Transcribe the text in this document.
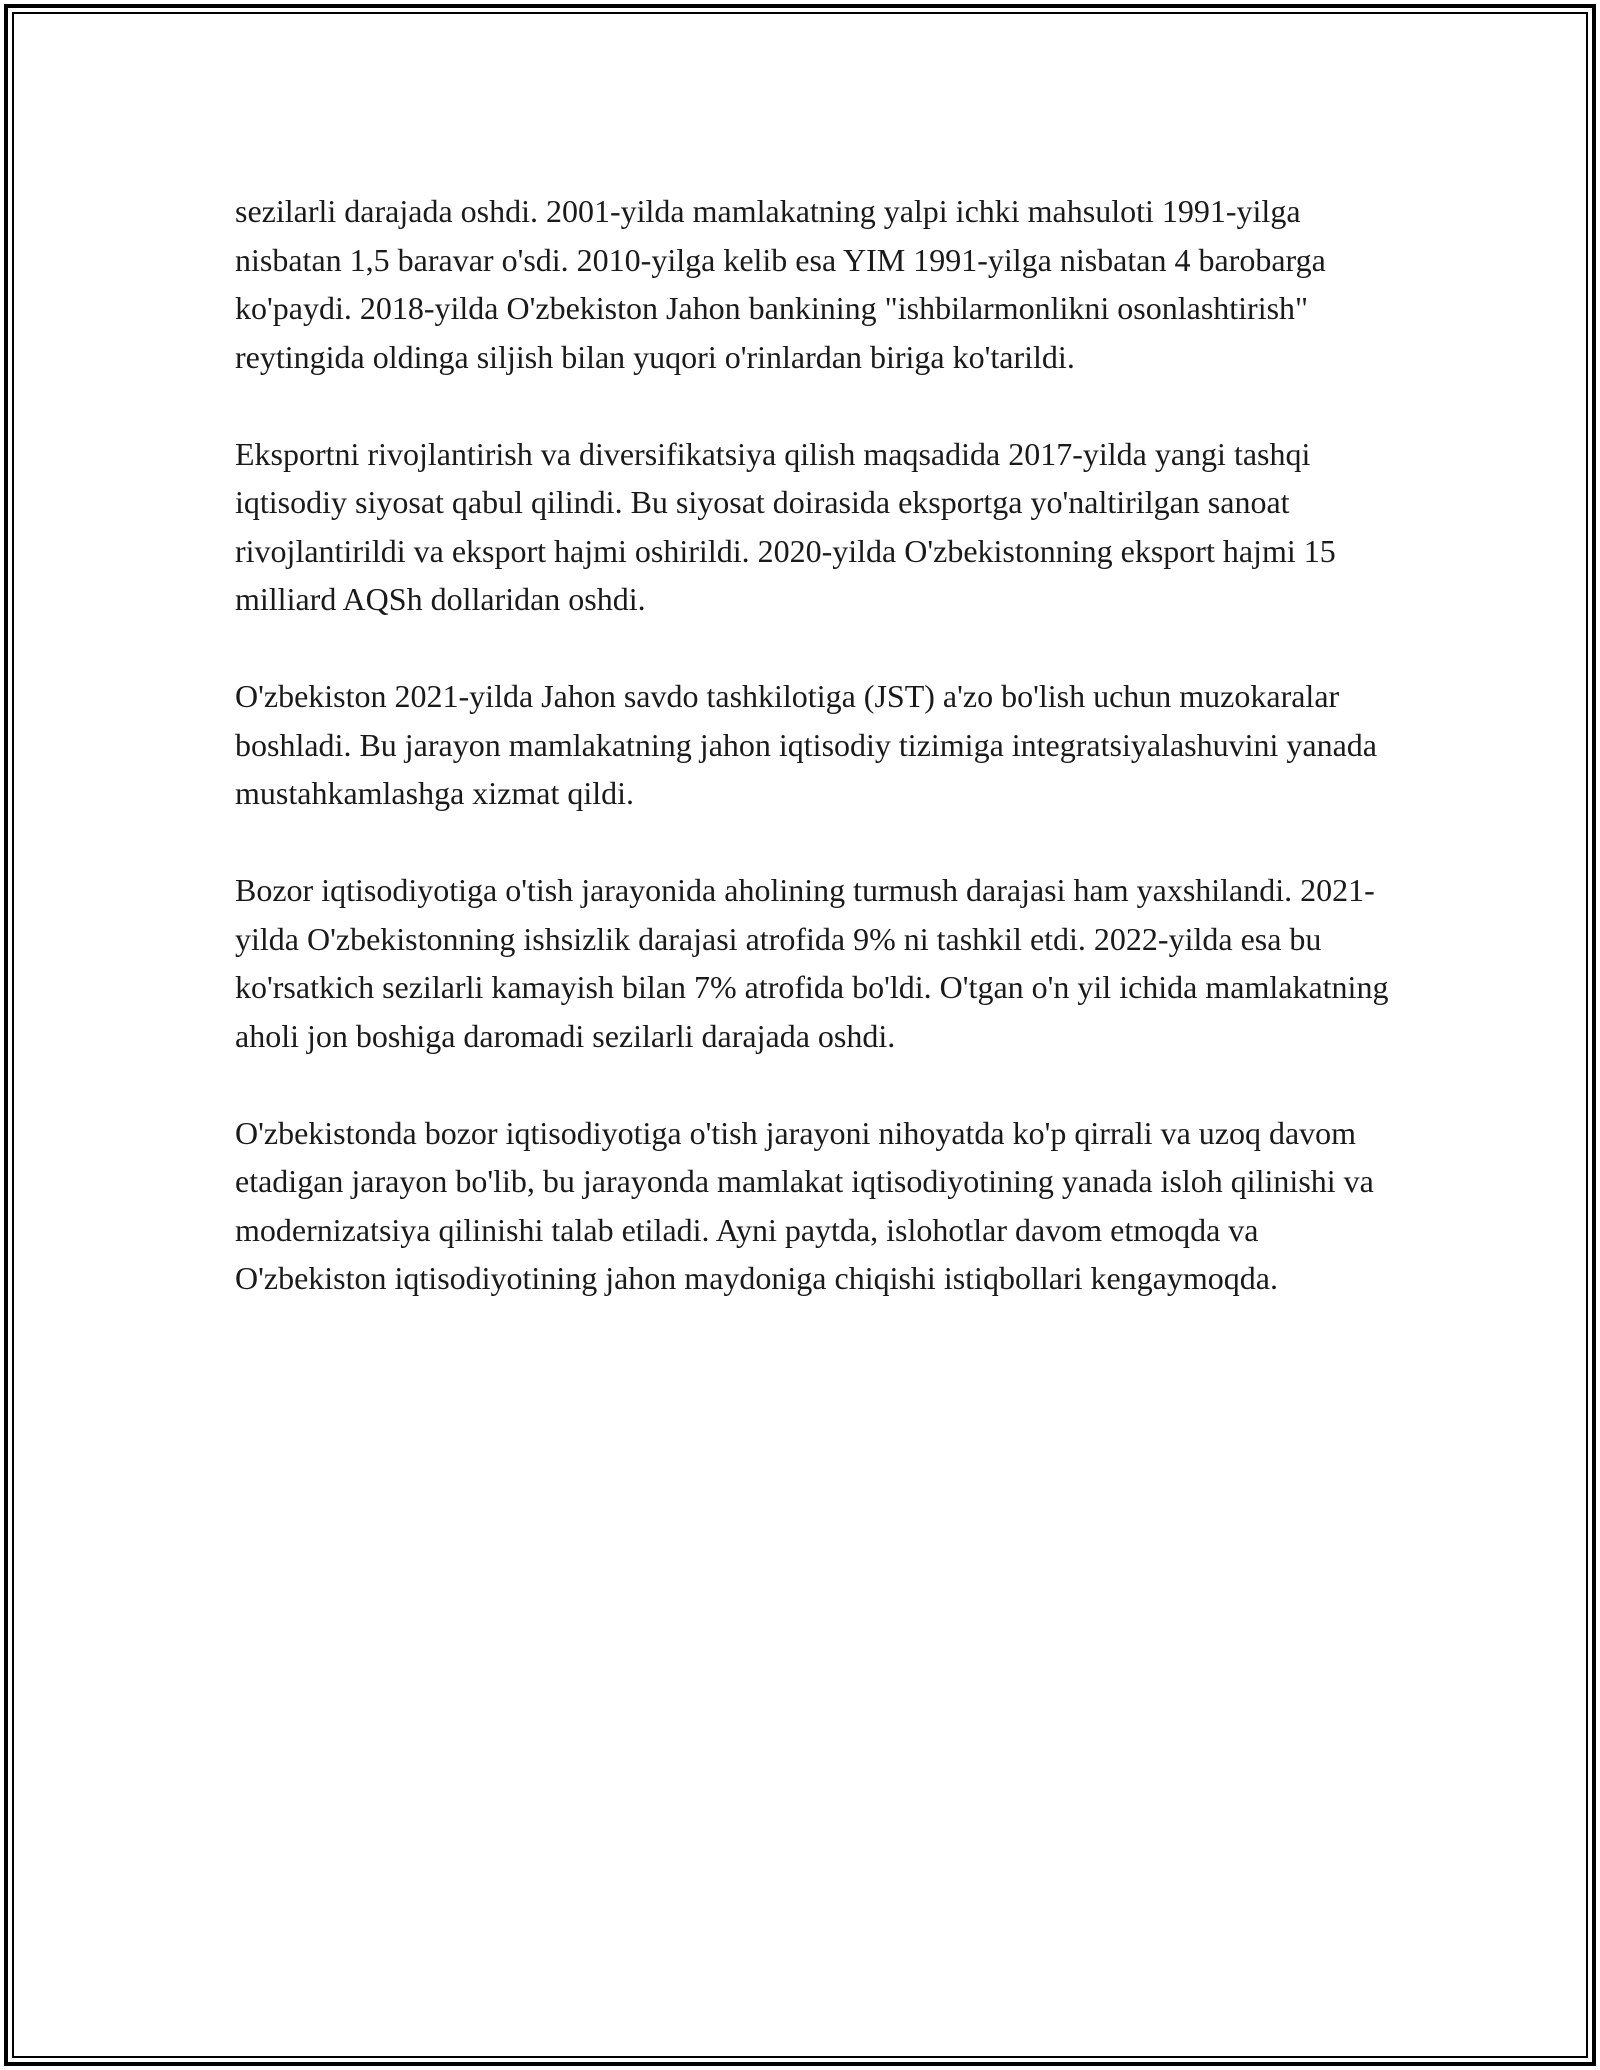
sezilarli darajada oshdi. 2001-yilda mamlakatning yalpi ichki mahsuloti 1991-yilga nisbatan 1,5 baravar o'sdi. 2010-yilga kelib esa YIM 1991-yilga nisbatan 4 barobarga ko'paydi. 2018-yilda O'zbekiston Jahon bankining "ishbilarmonlikni osonlashtirish" reytingida oldinga siljish bilan yuqori o'rinlardan biriga ko'tarildi.

Eksportni rivojlantirish va diversifikatsiya qilish maqsadida 2017-yilda yangi tashqi iqtisodiy siyosat qabul qilindi. Bu siyosat doirasida eksportga yo'naltirilgan sanoat rivojlantirildi va eksport hajmi oshirildi. 2020-yilda O'zbekistonning eksport hajmi 15 milliard AQSh dollaridan oshdi.

O'zbekiston 2021-yilda Jahon savdo tashkilotiga (JST) a'zo bo'lish uchun muzokaralar boshladi. Bu jarayon mamlakatning jahon iqtisodiy tizimiga integratsiyalashuvini yanada mustahkamlashga xizmat qildi.

Bozor iqtisodiyotiga o'tish jarayonida aholining turmush darajasi ham yaxshilandi. 2021-yilda O'zbekistonning ishsizlik darajasi atrofida 9% ni tashkil etdi. 2022-yilda esa bu ko'rsatkich sezilarli kamayish bilan 7% atrofida bo'ldi. O'tgan o'n yil ichida mamlakatning aholi jon boshiga daromadi sezilarli darajada oshdi.

O'zbekistonda bozor iqtisodiyotiga o'tish jarayoni nihoyatda ko'p qirrali va uzoq davom etadigan jarayon bo'lib, bu jarayonda mamlakat iqtisodiyotining yanada isloh qilinishi va modernizatsiya qilinishi talab etiladi. Ayni paytda, islohotlar davom etmoqda va O'zbekiston iqtisodiyotining jahon maydoniga chiqishi istiqbollari kengaymoqda.
